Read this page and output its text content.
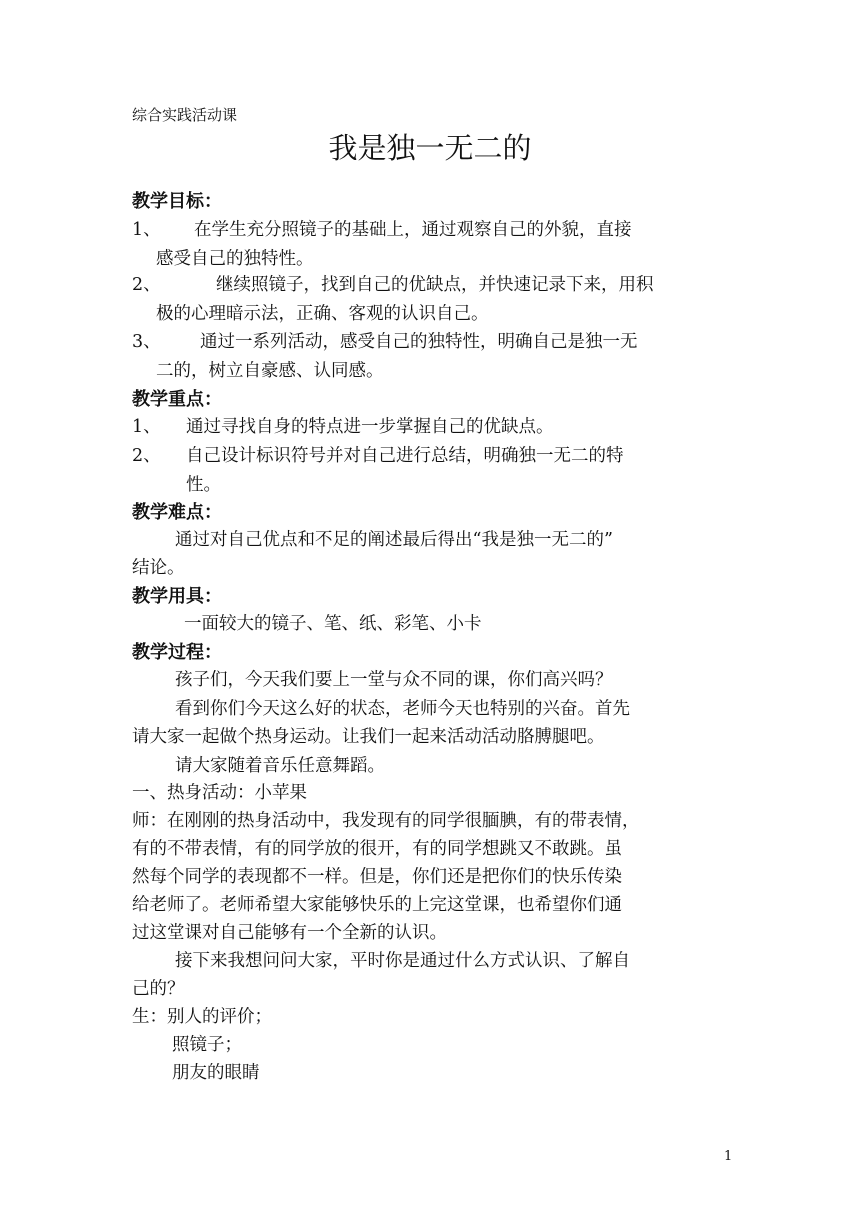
综合实践活动课
我是独一无二的
教学目标：
1、 在学生充分照镜子的基础上，通过观察自己的外貌，直接
感受自己的独特性。
2、	继续照镜子，找到自己的优缺点，并快速记录下来，用积
极的心理暗示法，正确、客观的认识自己。
3、 通过一系列活动，感受自己的独特性，明确自己是独一无
二的，树立自豪感、认同感。
教学重点：
1、 通过寻找自身的特点进一步掌握自己的优缺点。
2、 自己设计标识符号并对自己进行总结，明确独一无二的特
性。
教学难点：
通过对自己优点和不足的阐述最后得出“我是独一无二的”
结论。
教学用具：
一面较大的镜子、笔、纸、彩笔、小卡
教学过程：
孩子们，今天我们要上一堂与众不同的课，你们高兴吗？
看到你们今天这么好的状态，老师今天也特别的兴奋。首先
请大家一起做个热身运动。让我们一起来活动活动胳膊腿吧。
请大家随着音乐任意舞蹈。
一、热身活动：小苹果
师：在刚刚的热身活动中，我发现有的同学很腼腆，有的带表情，
有的不带表情，有的同学放的很开，有的同学想跳又不敢跳。虽
然每个同学的表现都不一样。但是，你们还是把你们的快乐传染
给老师了。老师希望大家能够快乐的上完这堂课，也希望你们通
过这堂课对自己能够有一个全新的认识。
接下来我想问问大家，平时你是通过什么方式认识、了解自
己的？
生：别人的评价；
照镜子；
朋友的眼睛
1
